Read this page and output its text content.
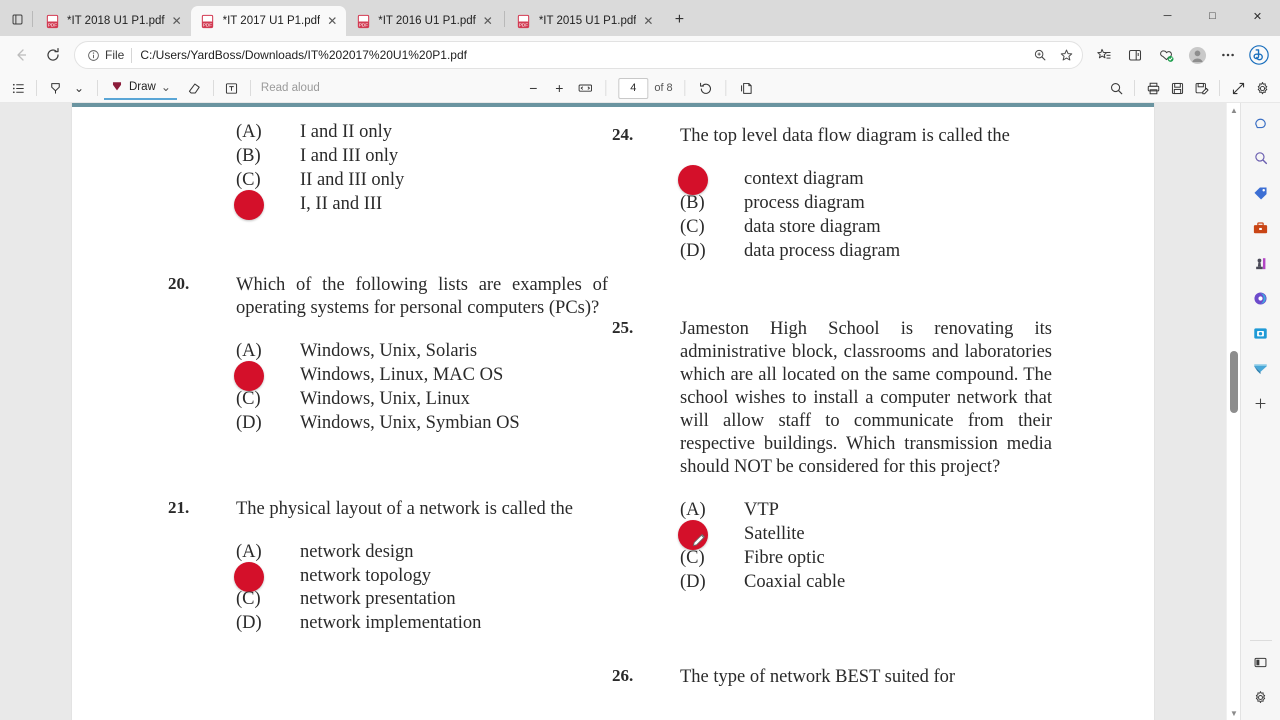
PDF *IT 2018 U1 P1.pdf ✕	PDF *IT 2017 U1 P1.pdf ✕	PDF *IT 2016 U1 P1.pdf ✕	PDF *IT 2015 U1 P1.pdf ✕	+	─	□	✕
File C:/Users/YardBoss/Downloads/IT%202017%20U1%20P1.pdf
⌄	Draw ⌄	Read aloud	−	+	4	of 8
(A)	I and II only
(B)	I and III only
(C)	II and III only
I, II and III
20.	Which of the following lists are examples of operating systems for personal computers (PCs)?
(A)	Windows, Unix, Solaris
Windows, Linux, MAC OS
(C)	Windows, Unix, Linux
(D)	Windows, Unix, Symbian OS
21.	The physical layout of a network is called the
(A)	network design
network topology
(C)	network presentation
(D)	network implementation
24.	The top level data flow diagram is called the
context diagram
(B)	process diagram
(C)	data store diagram
(D)	data process diagram
25.	Jameston High School is renovating its administrative block, classrooms and laboratories which are all located on the same compound. The school wishes to install a computer network that will allow staff to communicate from their respective buildings. Which transmission media should NOT be considered for this project?
(A)	VTP
Satellite
(C)	Fibre optic
(D)	Coaxial cable
26.	The type of network BEST suited for
▲
▼
